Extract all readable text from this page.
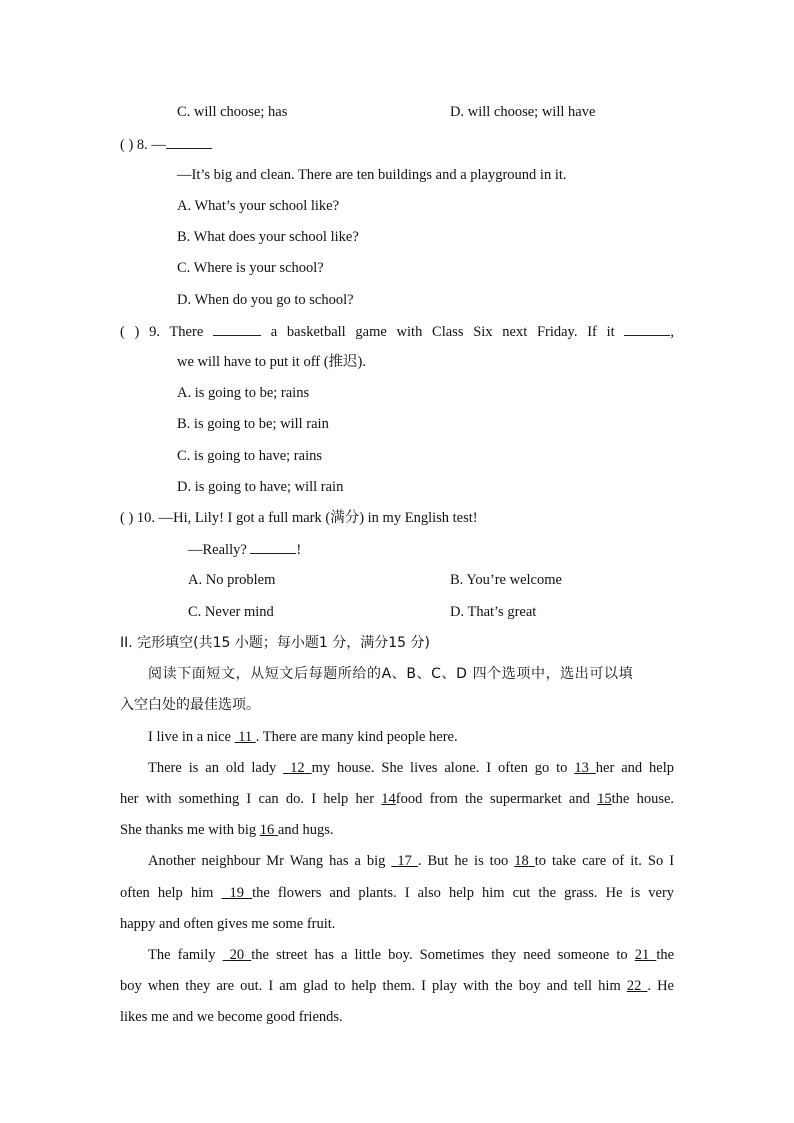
C. will choose; has	D. will choose; will have
( ) 8. —
—It’s big and clean. There are ten buildings and a playground in it.
A. What’s your school like?
B. What does your school like?
C. Where is your school?
D. When do you go to school?
( ) 9. There	a basketball game with Class Six next Friday. If it	,
we will have to put it off (推迟).
A. is going to be; rains
B. is going to be; will rain
C. is going to have; rains
D. is going to have; will rain
( ) 10. —Hi, Lily! I got a full mark (满分) in my English test!
—Really?	!
A. No problem	B. You’re welcome
C. Never mind	D. That’s great
II. 完形填空(共15 小题；每小题1 分，满分15 分)
阅读下面短文，从短文后每题所给的A、B、C、D 四个选项中，选出可以填
入空白处的最佳选项。
I live in a nice 11 . There are many kind people here.
There is an old lady 12 my house. She lives alone. I often go to 13 her and help
her with something I can do. I help her 14food from the supermarket and 15the house.
She thanks me with big 16 and hugs.
Another neighbour Mr Wang has a big 17 . But he is too 18 to take care of it. So I
often help him 19 the flowers and plants. I also help him cut the grass. He is very
happy and often gives me some fruit.
The family 20 the street has a little boy. Sometimes they need someone to 21 the
boy when they are out. I am glad to help them. I play with the boy and tell him 22 . He
likes me and we become good friends.
